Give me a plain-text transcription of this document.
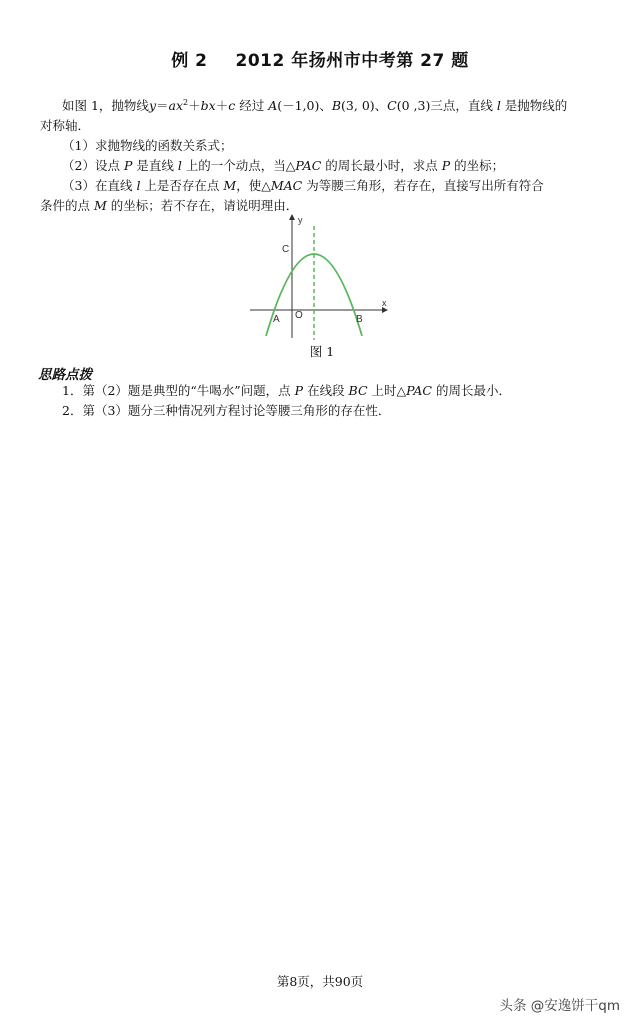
例 2 2012 年扬州市中考第 27 题
如图 1，抛物线$y=ax^2+bx+c$ 经过 A(－1,0)、B(3, 0)、C(0 ,3)三点，直线 l 是抛物线的
对称轴．
（1）求抛物线的函数关系式；
（2）设点 P 是直线 l 上的一个动点，当△PAC 的周长最小时，求点 P 的坐标；
（3）在直线 l 上是否存在点 M，使△MAC 为等腰三角形，若存在，直接写出所有符合
条件的点 M 的坐标；若不存在，请说明理由．
y
x
C
A O	B
图 1
思路点拨
1．第（2）题是典型的“牛喝水”问题，点 P 在线段 BC 上时△PAC 的周长最小．
2．第（3）题分三种情况列方程讨论等腰三角形的存在性．
第8页，共90页
头条 @安逸饼干qm
